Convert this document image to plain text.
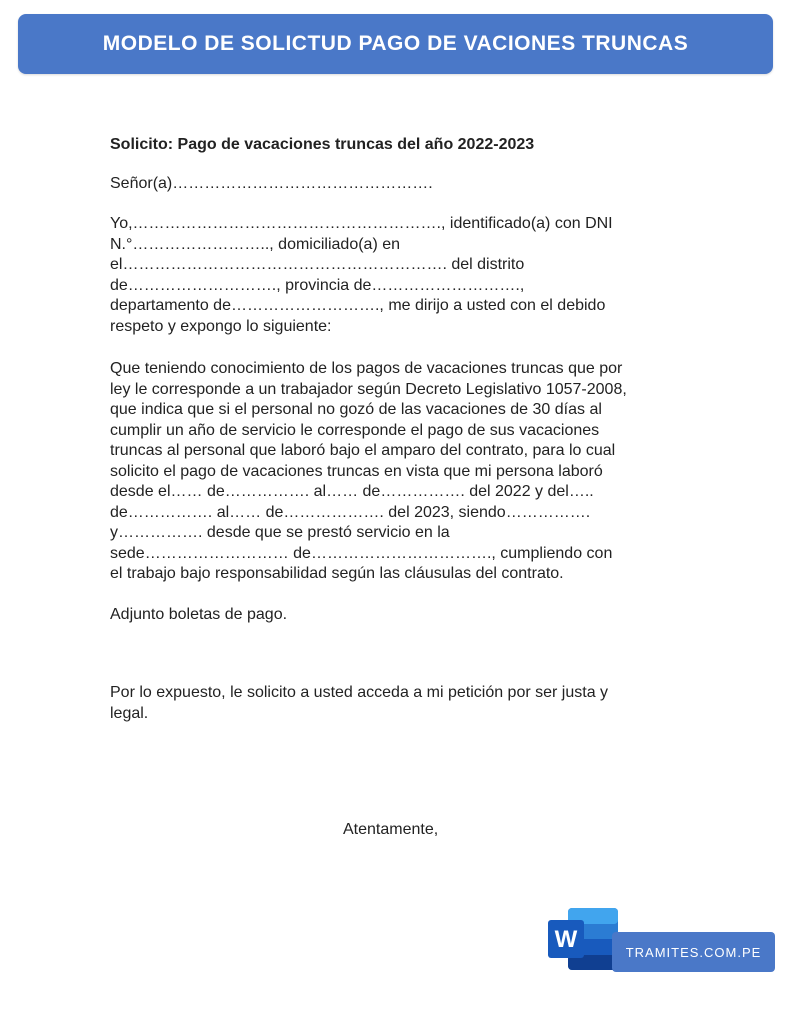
MODELO DE SOLICTUD PAGO DE VACIONES TRUNCAS

Solicito: Pago de vacaciones truncas del año 2022-2023

Señor(a)………………………………………….

Yo,…………………………………………………., identificado(a) con DNI
N.°…………………….., domiciliado(a) en
el……………………………………………………. del distrito
de………………………., provincia de……………………….,
departamento de………………………., me dirijo a usted con el debido
respeto y expongo lo siguiente:
Que teniendo conocimiento de los pagos de vacaciones truncas que por
ley le corresponde a un trabajador según Decreto Legislativo 1057-2008,
que indica que si el personal no gozó de las vacaciones de 30 días al
cumplir un año de servicio le corresponde el pago de sus vacaciones
truncas al personal que laboró bajo el amparo del contrato, para lo cual
solicito el pago de vacaciones truncas en vista que mi persona laboró
desde el…… de……………. al…… de……………. del 2022 y del…..
de……………. al…… de………………. del 2023, siendo…………….
y……………. desde que se prestó servicio en la
sede……………………… de……………………………., cumpliendo con
el trabajo bajo responsabilidad según las cláusulas del contrato.

Adjunto boletas de pago.

Por lo expuesto, le solicito a usted acceda a mi petición por ser justa y
legal.
Atentamente,
W	TRAMITES.COM.PE
